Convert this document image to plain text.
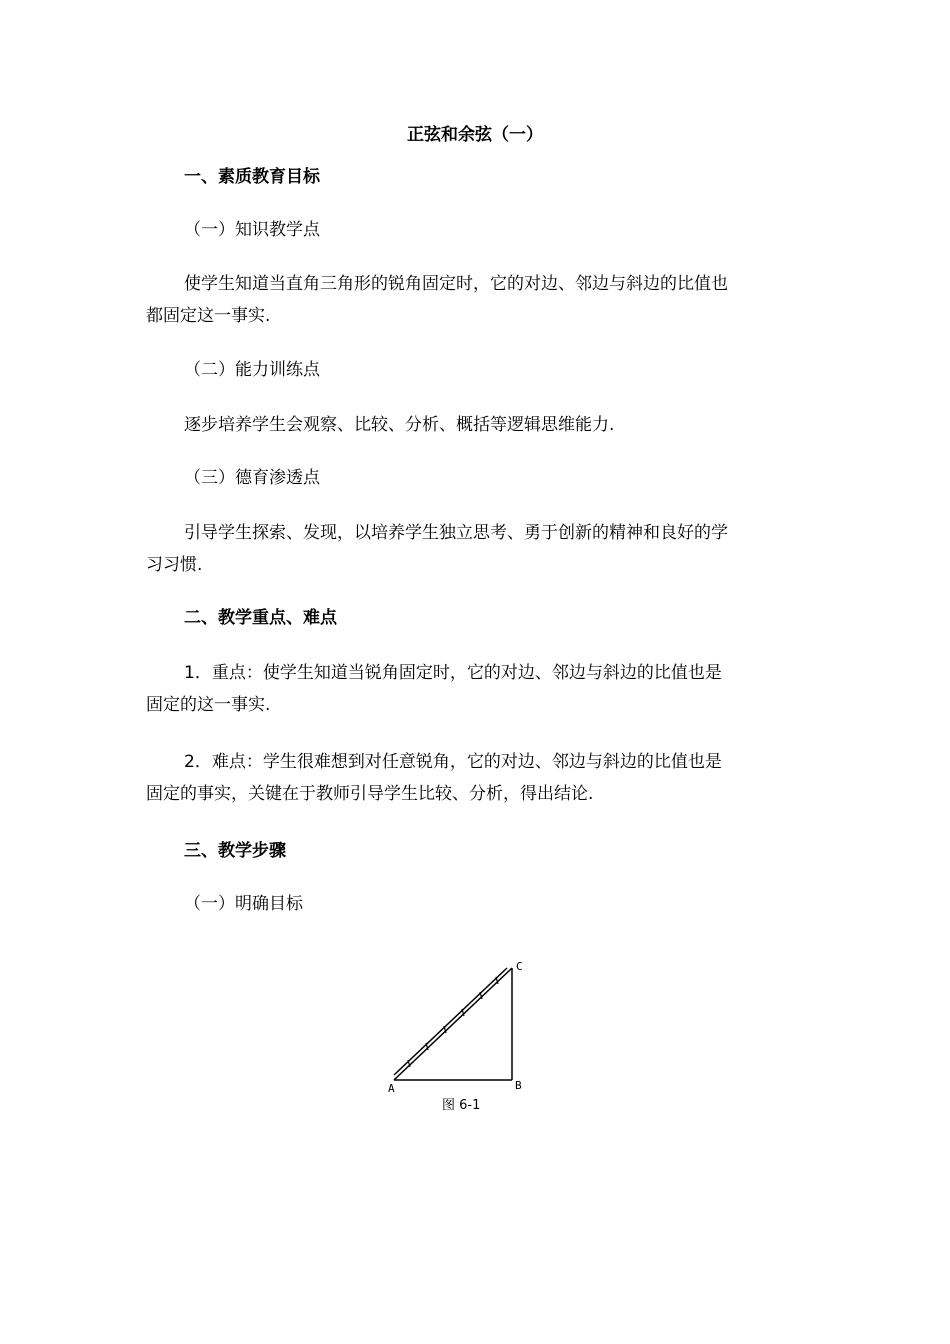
正弦和余弦（一）
一、素质教育目标
（一）知识教学点
使学生知道当直角三角形的锐角固定时，它的对边、邻边与斜边的比值也
都固定这一事实.
（二）能力训练点
逐步培养学生会观察、比较、分析、概括等逻辑思维能力.
（三）德育渗透点
引导学生探索、发现，以培养学生独立思考、勇于创新的精神和良好的学
习习惯.
二、教学重点、难点
1．重点：使学生知道当锐角固定时，它的对边、邻边与斜边的比值也是
固定的这一事实.
2．难点：学生很难想到对任意锐角，它的对边、邻边与斜边的比值也是
固定的事实，关键在于教师引导学生比较、分析，得出结论.
三、教学步骤
（一）明确目标
A	B
C
图 6-1
